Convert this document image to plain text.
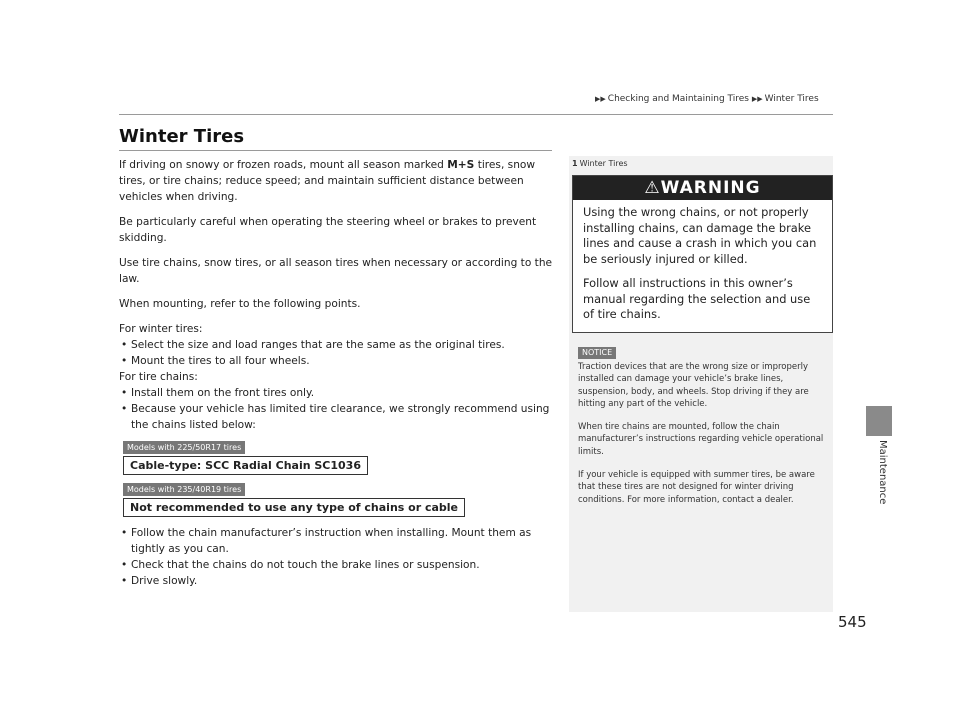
▶▶ Checking and Maintaining Tires ▶▶ Winter Tires
Maintenance
545
Winter Tires

If driving on snowy or frozen roads, mount all season marked M+S tires, snow tires, or tire chains; reduce speed; and maintain sufficient distance between vehicles when driving.

Be particularly careful when operating the steering wheel or brakes to prevent skidding.

Use tire chains, snow tires, or all season tires when necessary or according to the law.

When mounting, refer to the following points.

For winter tires:
• Select the size and load ranges that are the same as the original tires.
• Mount the tires to all four wheels.
For tire chains:
• Install them on the front tires only.
• Because your vehicle has limited tire clearance, we strongly recommend using the chains listed below:
Models with 225/50R17 tires
Cable-type: SCC Radial Chain SC1036
Models with 235/40R19 tires
Not recommended to use any type of chains or cable
• Follow the chain manufacturer’s instruction when installing. Mount them as tightly as you can.
• Check that the chains do not touch the brake lines or suspension.
• Drive slowly.
1 Winter Tires
⚠WARNING

Using the wrong chains, or not properly installing chains, can damage the brake lines and cause a crash in which you can be seriously injured or killed.

Follow all instructions in this owner’s manual regarding the selection and use of tire chains.

NOTICE

Traction devices that are the wrong size or improperly installed can damage your vehicle’s brake lines, suspension, body, and wheels. Stop driving if they are hitting any part of the vehicle.

When tire chains are mounted, follow the chain manufacturer’s instructions regarding vehicle operational limits.

If your vehicle is equipped with summer tires, be aware that these tires are not designed for winter driving conditions. For more information, contact a dealer.
